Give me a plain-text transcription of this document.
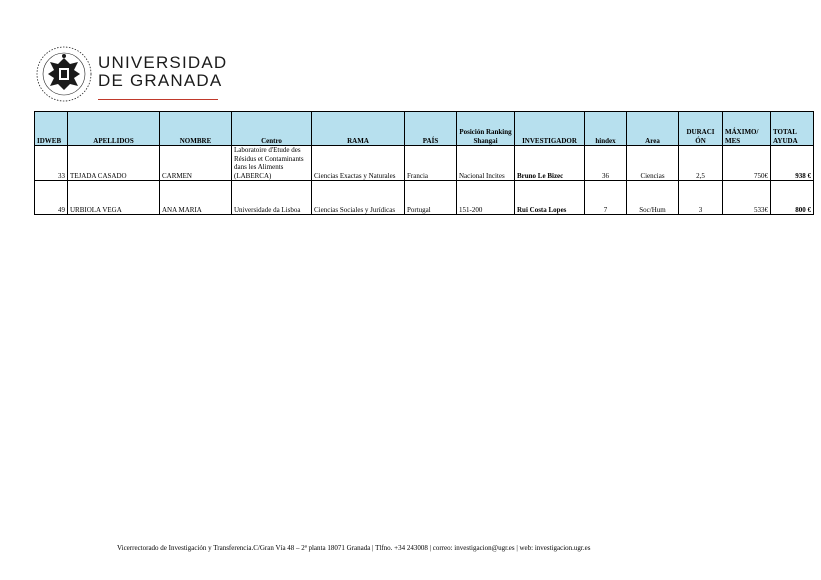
UNIVERSIDAD
DE GRANADA
IDWEB	APELLIDOS	NOMBRE	Centro	RAMA	PAÍS	Posición Ranking Shangai	INVESTIGADOR	hindex	Area	DURACI ÓN	MÁXIMO/ MES	TOTAL AYUDA
33	TEJADA CASADO	CARMEN	Laboratoire d'Etude des Résidus et Contaminants dans les Aliments (LABERCA)	Ciencias Exactas y Naturales	Francia	Nacional Incites	Bruno Le Bizec	36	Ciencias	2,5	750€	938 €
49	URBIOLA VEGA	ANA MARIA	Universidade da Lisboa	Ciencias Sociales y Jurídicas	Portugal	151-200	Rui Costa Lopes	7	Soc/Hum	3	533€	800 €
Vicerrectorado de Investigación y Transferencia.C/Gran Vía 48 – 2ª planta 18071 Granada | Tlfno. +34 243008 | correo: investigacion@ugr.es | web: investigacion.ugr.es
